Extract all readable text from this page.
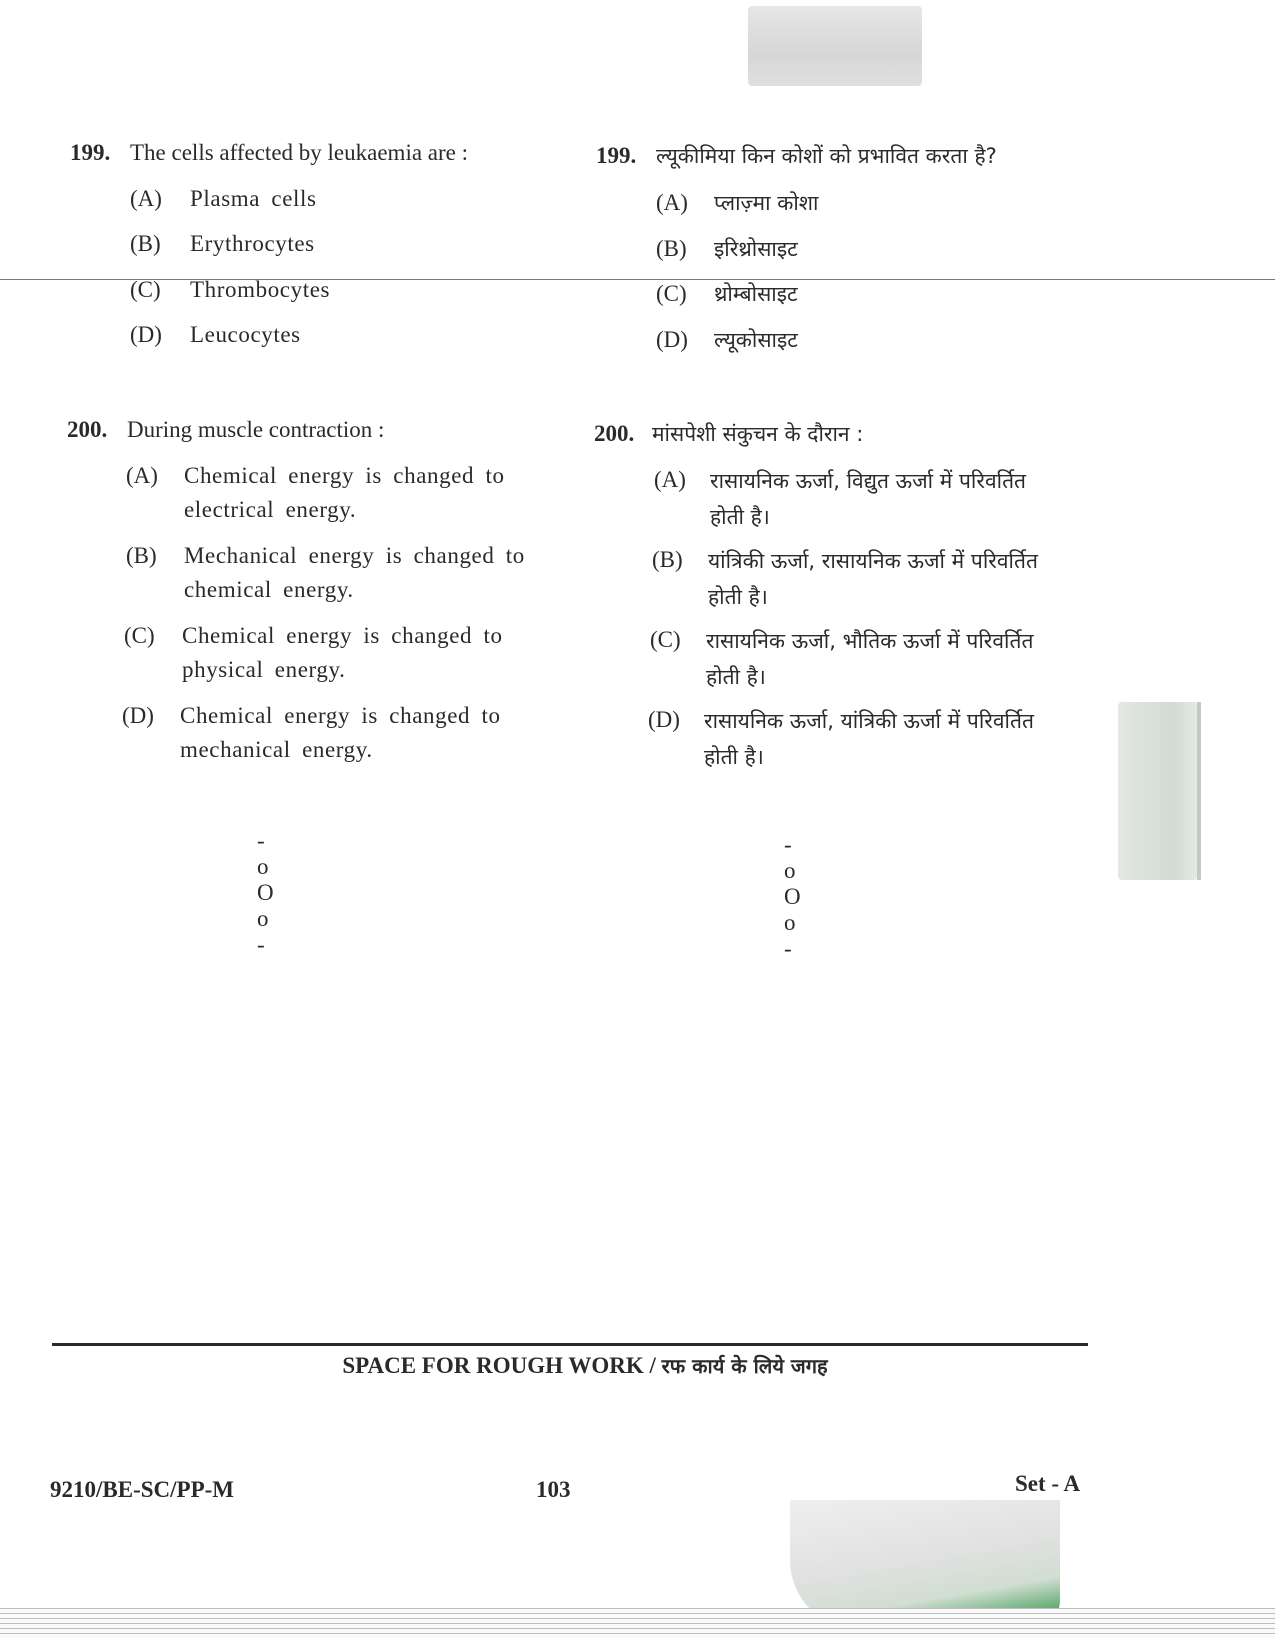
199. The cells affected by leukaemia are :
(A) Plasma cells
(B) Erythrocytes
(C) Thrombocytes
(D) Leucocytes
200. During muscle contraction :
(A) Chemical energy is changed to
electrical energy.
(B) Mechanical energy is changed to
chemical energy.
(C) Chemical energy is changed to
physical energy.
(D) Chemical energy is changed to
mechanical energy.
- o O o -
199. ल्यूकीमिया किन कोशों को प्रभावित करता है?
(A) प्लाज़्मा कोशा
(B) इरिथ्रोसाइट
(C) थ्रोम्बोसाइट
(D) ल्यूकोसाइट
200. मांसपेशी संकुचन के दौरान :
(A) रासायनिक ऊर्जा, विद्युत ऊर्जा में परिवर्तित
होती है।
(B) यांत्रिकी ऊर्जा, रासायनिक ऊर्जा में परिवर्तित
होती है।
(C) रासायनिक ऊर्जा, भौतिक ऊर्जा में परिवर्तित
होती है।
(D) रासायनिक ऊर्जा, यांत्रिकी ऊर्जा में परिवर्तित
होती है।
- o O o -
SPACE FOR ROUGH WORK / रफ कार्य के लिये जगह
9210/BE-SC/PP-M	103	Set - A
